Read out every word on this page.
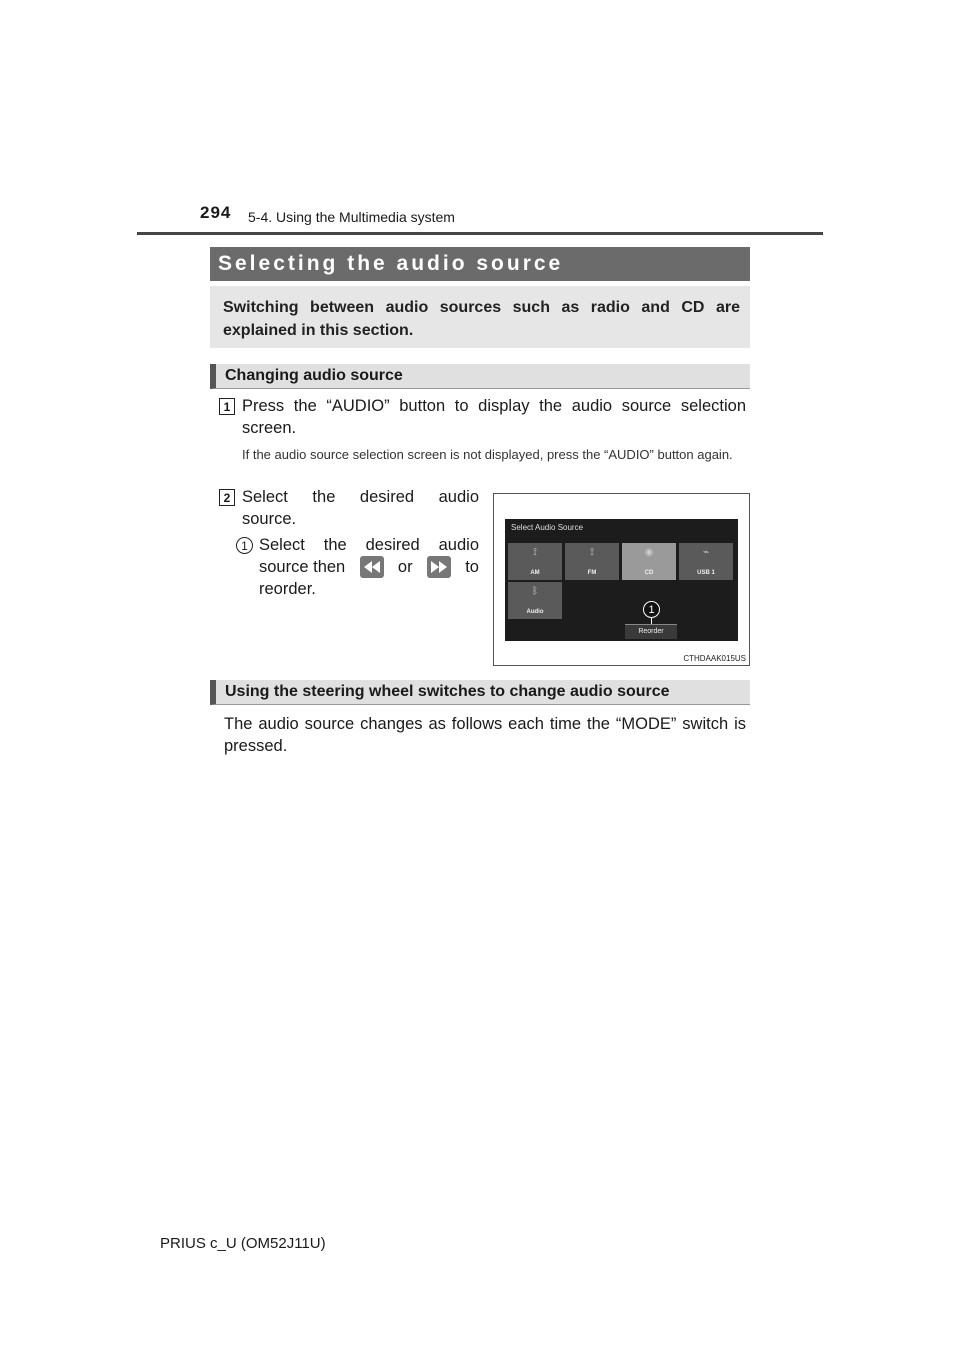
294 5-4. Using the Multimedia system
Selecting the audio source
Switching between audio sources such as radio and CD are explained in this section.
Changing audio source
1 Press the “AUDIO” button to display the audio source selection screen.
If the audio source selection screen is not displayed, press the “AUDIO” button again.
2 Select the desired audio
source.
1 Select the desired audio
source then	or	to
reorder.
Select Audio Source
⟟
AM
⟟
FM
◉
CD
⌁
USB 1
ᛒ
Audio	1
Reorder
CTHDAAK015US
Using the steering wheel switches to change audio source
The audio source changes as follows each time the “MODE” switch is pressed.
PRIUS c_U (OM52J11U)
